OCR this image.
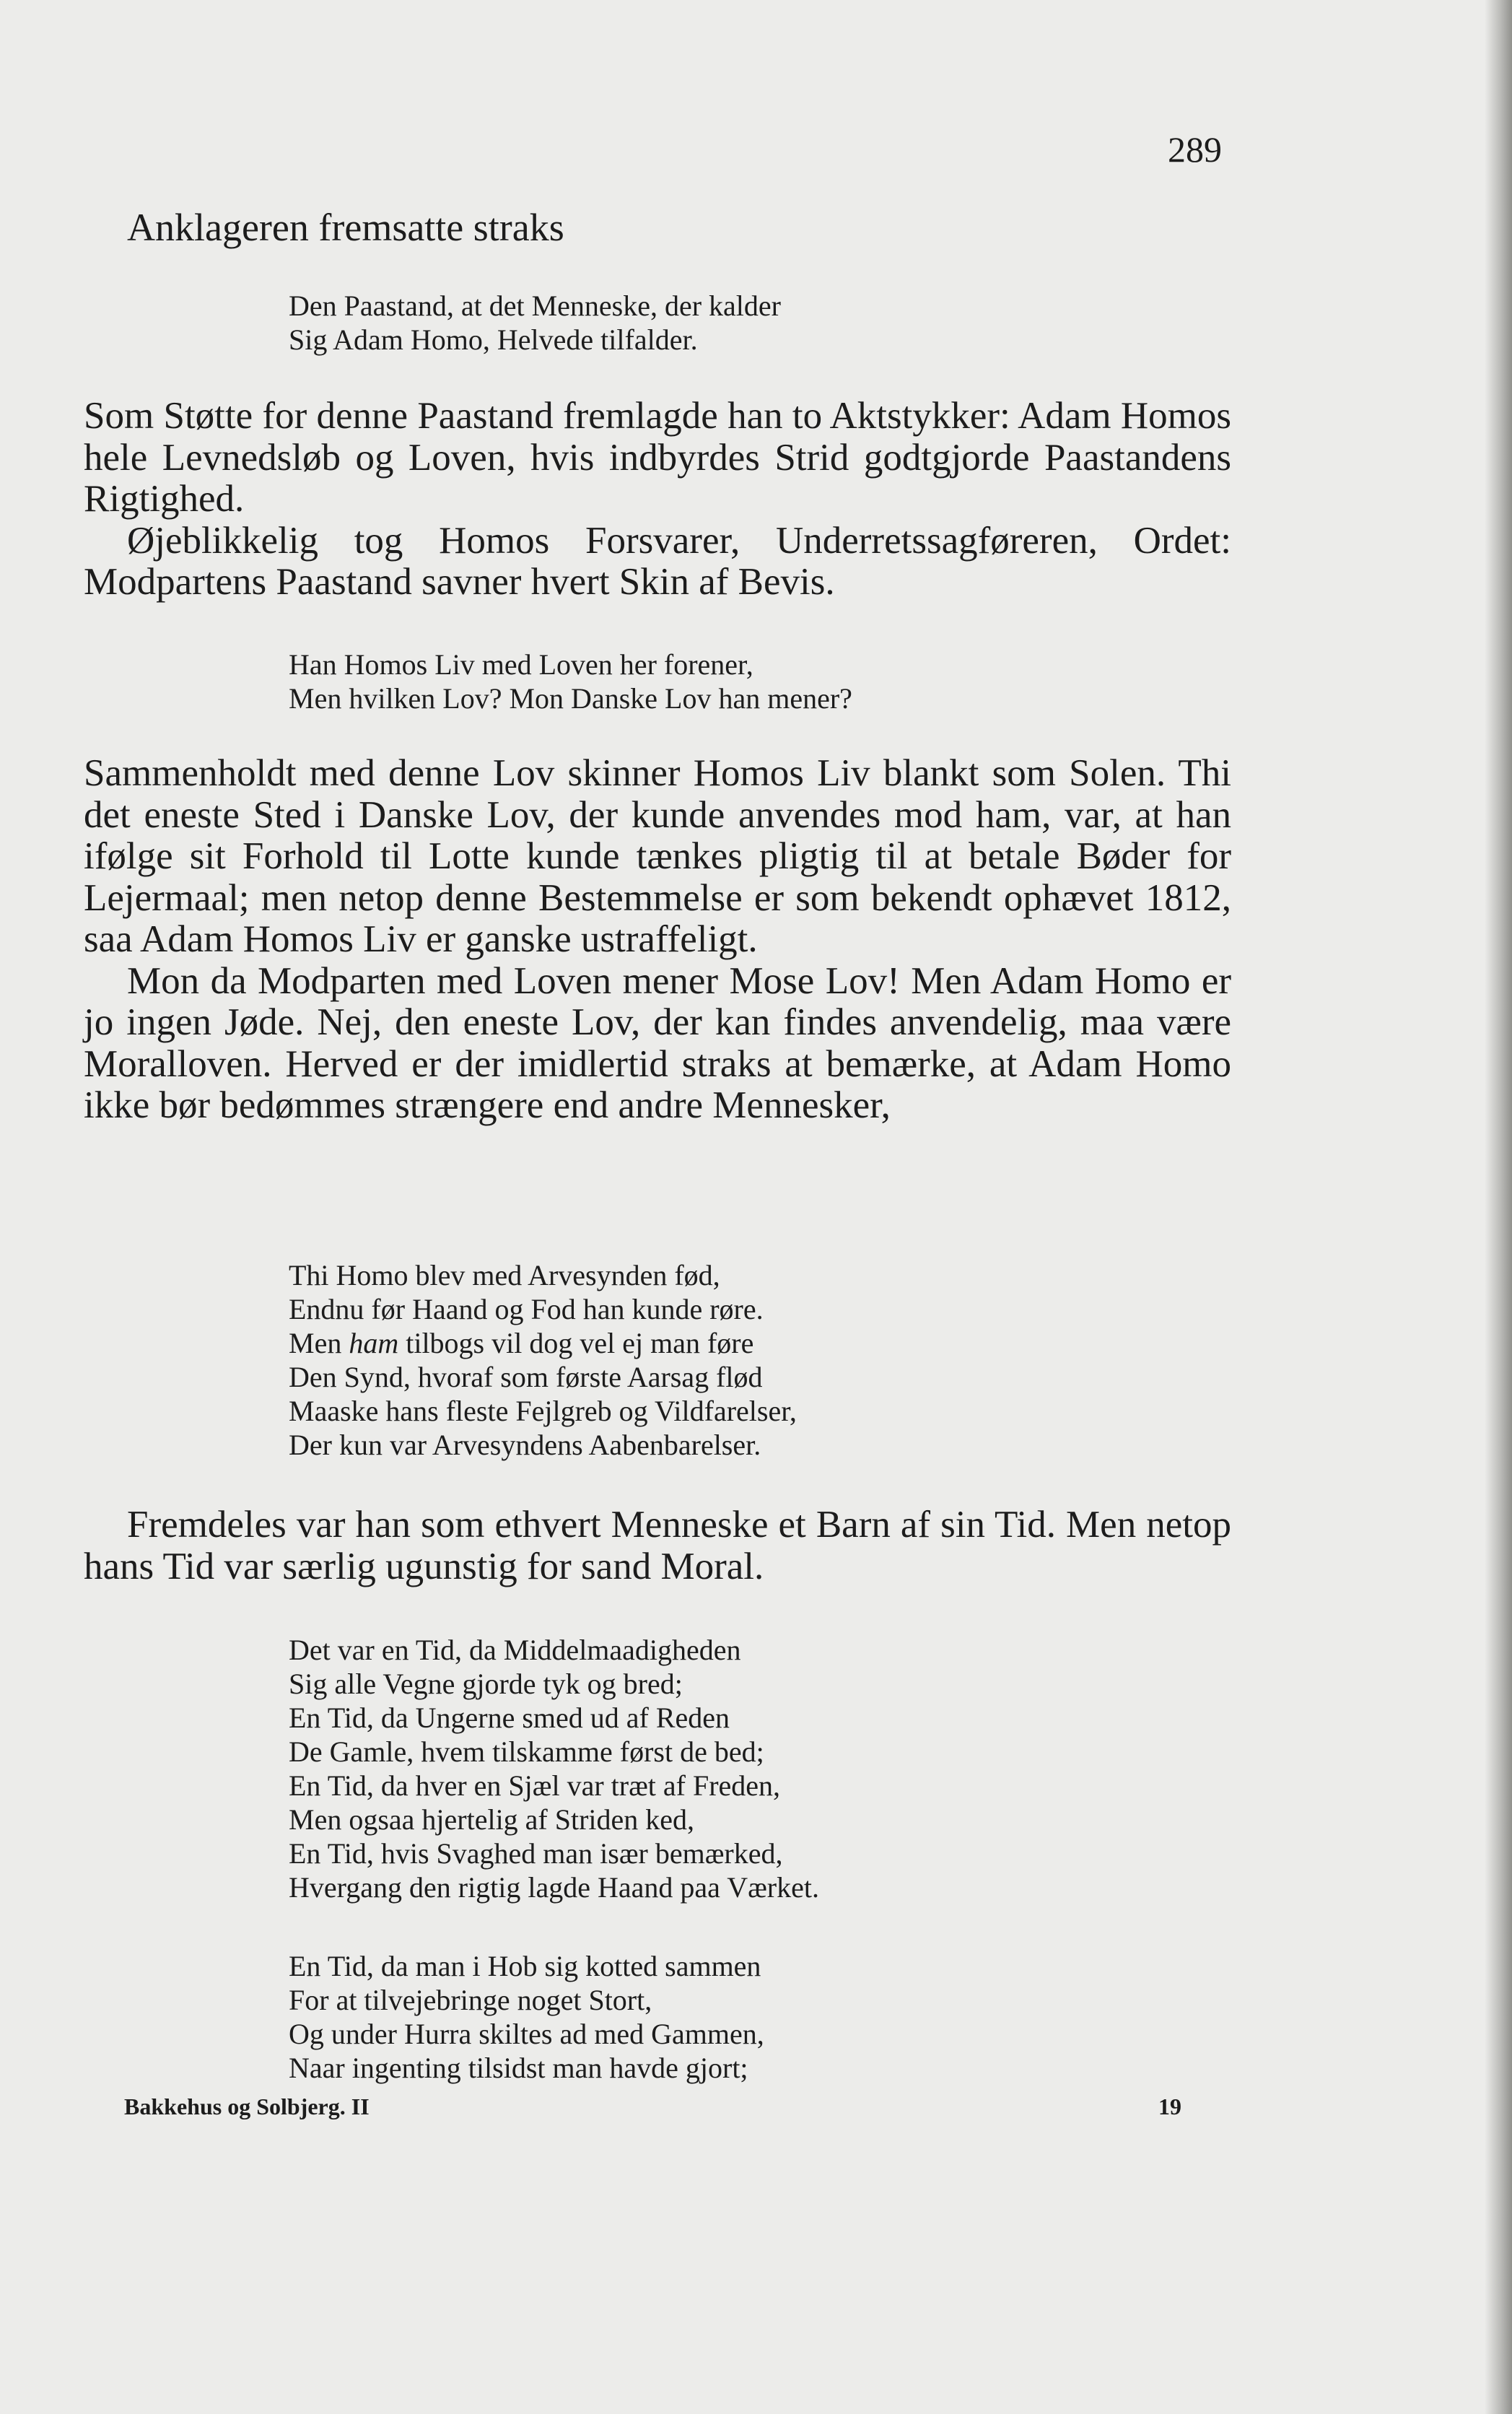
289
Anklageren fremsatte straks
Den Paastand, at det Menneske, der kalder
Sig Adam Homo, Helvede tilfalder.

Som Støtte for denne Paastand fremlagde han to Aktstykker: Adam Homos hele Levnedsløb og Loven, hvis indbyrdes Strid godtgjorde Paastandens Rigtighed.

Øjeblikkelig tog Homos Forsvarer, Underretssagføreren, Ordet: Modpartens Paastand savner hvert Skin af Bevis.

Han Homos Liv med Loven her forener,
Men hvilken Lov? Mon Danske Lov han mener?

Sammenholdt med denne Lov skinner Homos Liv blankt som Solen. Thi det eneste Sted i Danske Lov, der kunde anvendes mod ham, var, at han ifølge sit Forhold til Lotte kunde tænkes pligtig til at betale Bøder for Lejermaal; men netop denne Bestemmelse er som bekendt ophævet 1812, saa Adam Homos Liv er ganske ustraffeligt.

Mon da Modparten med Loven mener Mose Lov! Men Adam Homo er jo ingen Jøde. Nej, den eneste Lov, der kan findes anvendelig, maa være Moralloven. Herved er der imidlertid straks at bemærke, at Adam Homo ikke bør bedømmes strængere end andre Mennesker,

Thi Homo blev med Arvesynden fød,
Endnu før Haand og Fod han kunde røre.
Men ham tilbogs vil dog vel ej man føre
Den Synd, hvoraf som første Aarsag flød
Maaske hans fleste Fejlgreb og Vildfarelser,
Der kun var Arvesyndens Aabenbarelser.

Fremdeles var han som ethvert Menneske et Barn af sin Tid. Men netop hans Tid var særlig ugunstig for sand Moral.

Det var en Tid, da Middelmaadigheden
Sig alle Vegne gjorde tyk og bred;
En Tid, da Ungerne smed ud af Reden
De Gamle, hvem tilskamme først de bed;
En Tid, da hver en Sjæl var træt af Freden,
Men ogsaa hjertelig af Striden ked,
En Tid, hvis Svaghed man især bemærked,
Hvergang den rigtig lagde Haand paa Værket.
En Tid, da man i Hob sig kotted sammen
For at tilvejebringe noget Stort,
Og under Hurra skiltes ad med Gammen,
Naar ingenting tilsidst man havde gjort;
Bakkehus og Solbjerg. II	19
